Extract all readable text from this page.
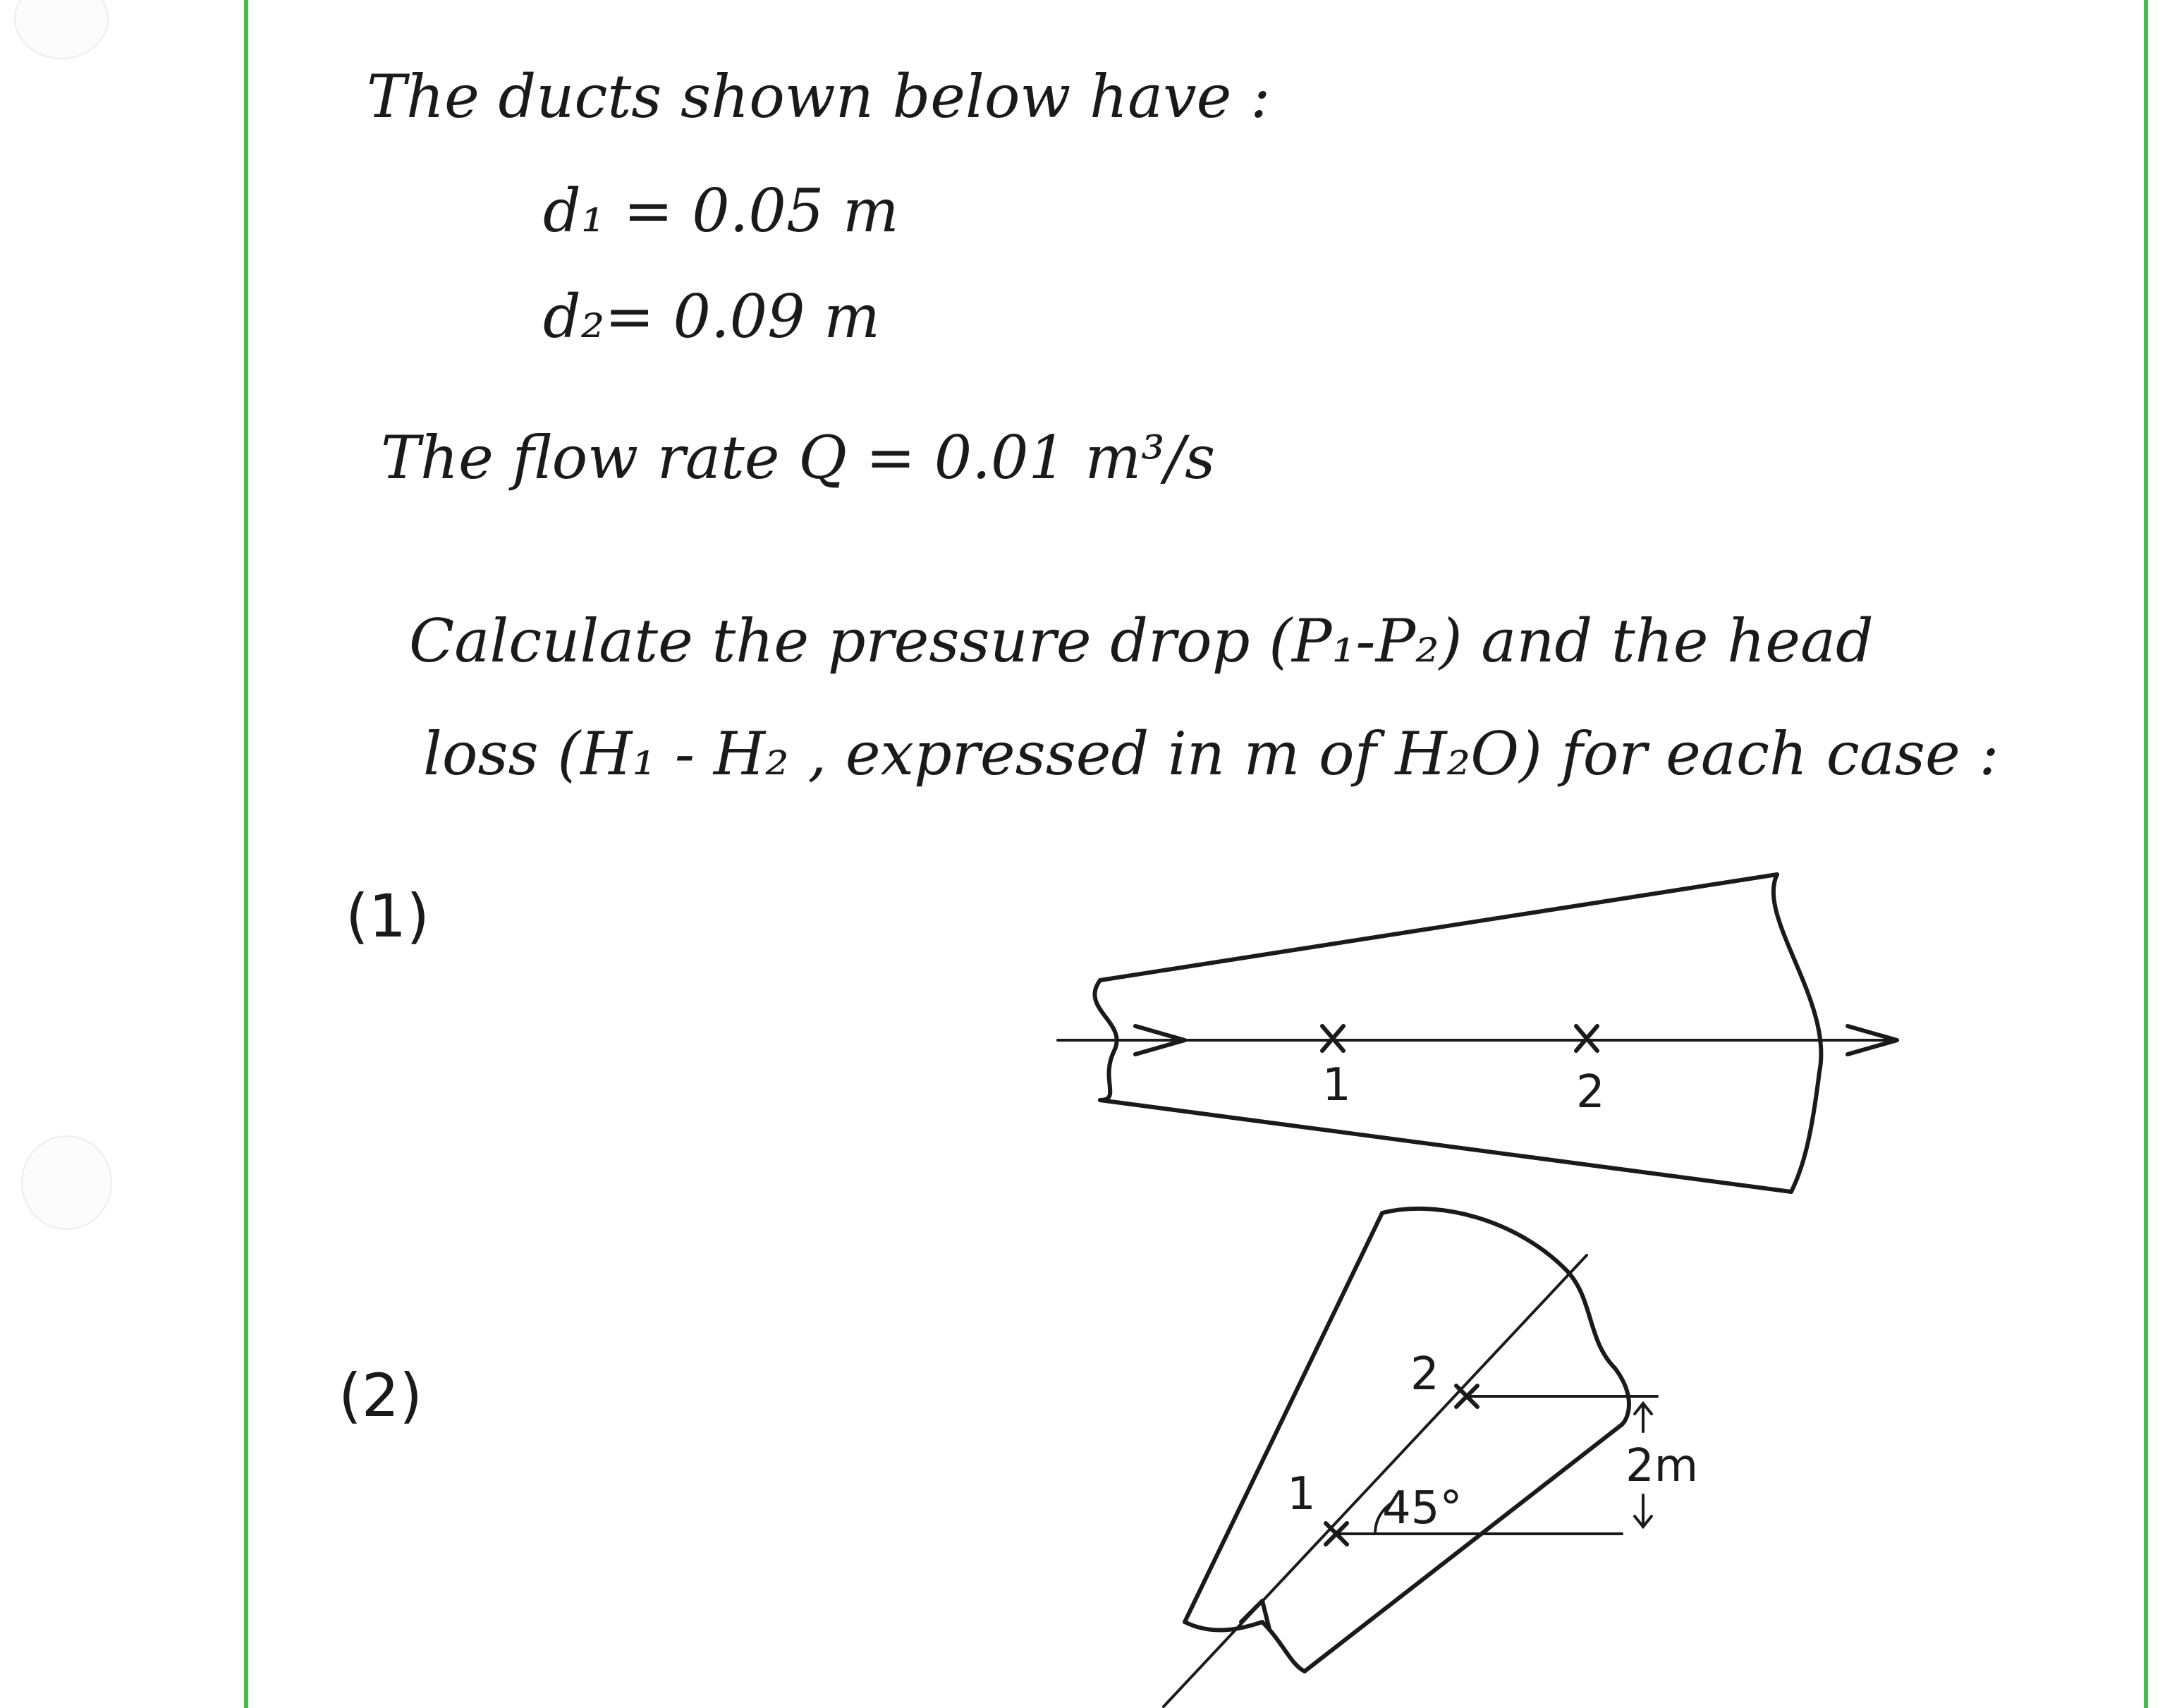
The ducts shown below have :
d₁ = 0.05 m
d₂= 0.09 m
The flow rate Q = 0.01 m³/s
Calculate the pressure drop (P₁-P₂) and the head
loss (H₁ - H₂ , expressed in m of H₂O) for each case :
(1)
(2)
1	2
2
1 45°
2m
